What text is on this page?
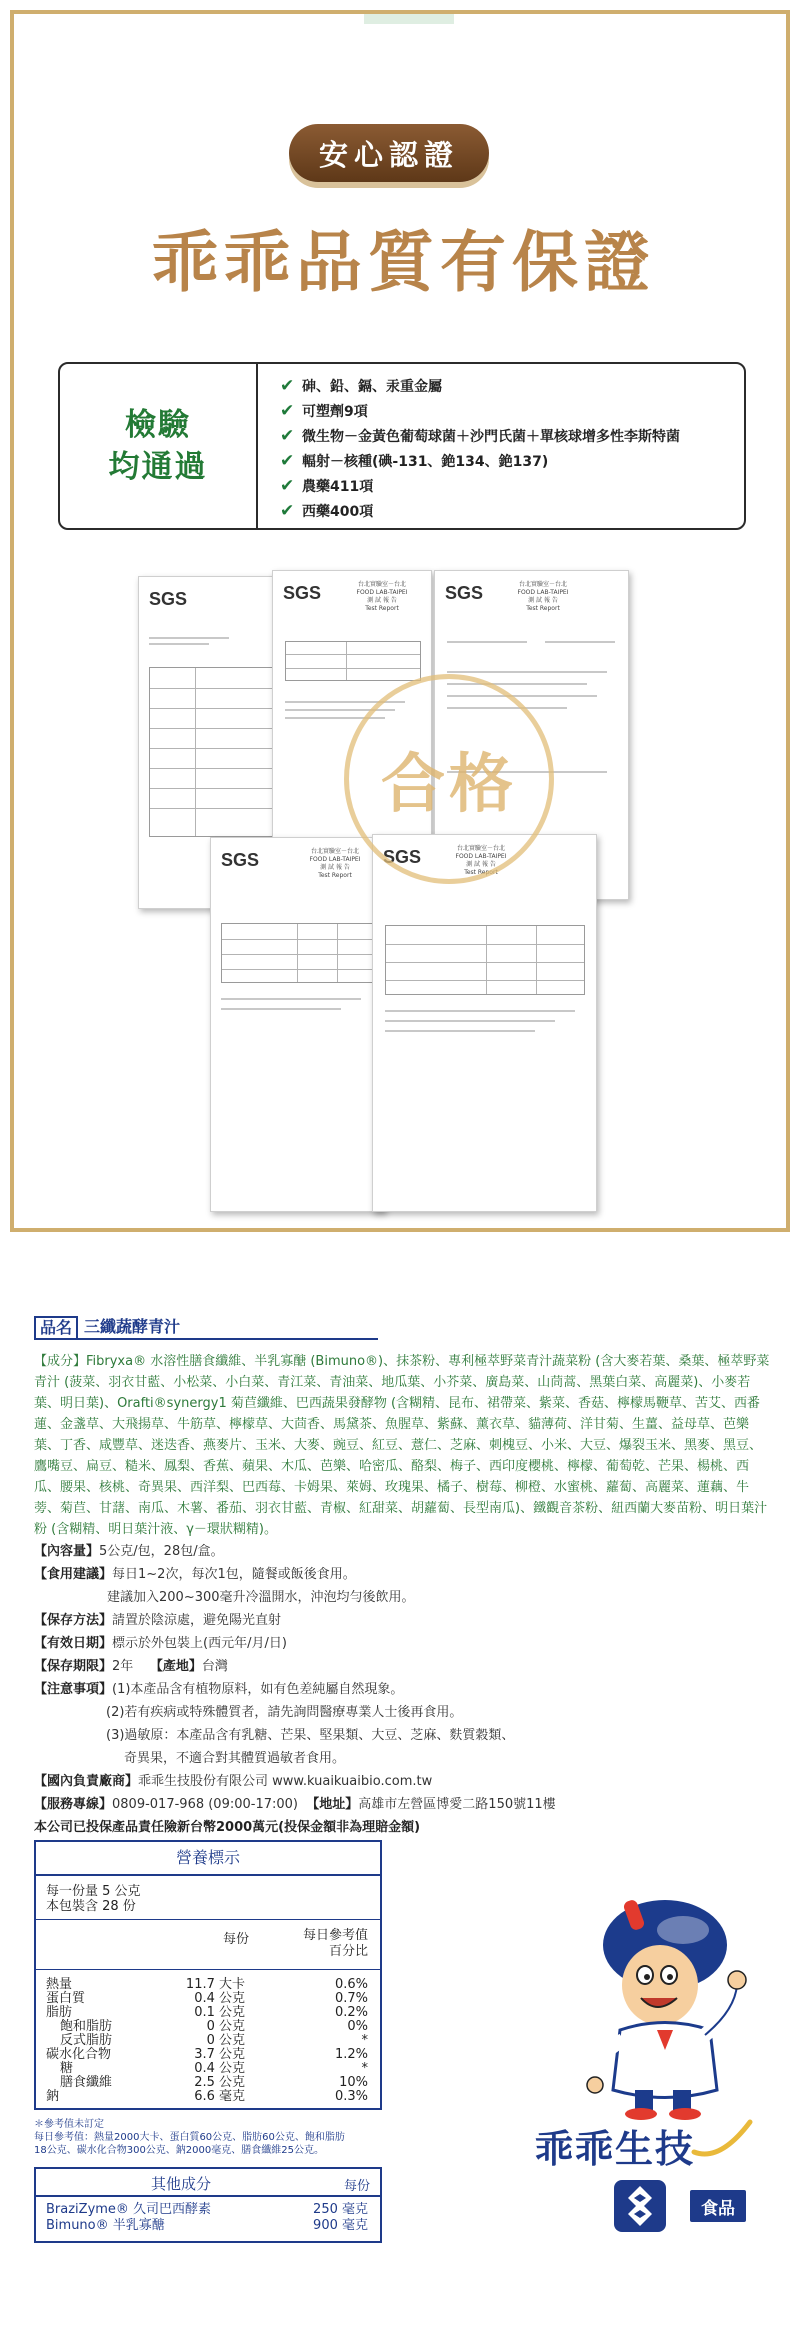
安心認證
乖乖品質有保證
檢驗
均通過
✔ 砷、鉛、鎘、汞重金屬
✔ 可塑劑9項
✔ 微生物－金黃色葡萄球菌＋沙門氏菌＋單核球增多性李斯特菌
✔ 輻射－核種(碘-131、銫134、銫137)
✔ 農藥411項
✔ 西藥400項
SGS	SGS	台北實驗室－台北
FOOD LAB-TAIPEI
測 試 報 告
Test Report
SGS	台北實驗室－台北
FOOD LAB-TAIPEI
測 試 報 告
Test Report
SGS	台北實驗室－台北
FOOD LAB-TAIPEI
測 試 報 告
Test Report
SGS	台北實驗室－台北
FOOD LAB-TAIPEI
測 試 報 告
Test Report
合格
品名 三纖蔬酵青汁

【成分】Fibryxa® 水溶性膳食纖維、半乳寡醣 (Bimuno®)、抹茶粉、專利極萃野菜青汁蔬菜粉 (含大麥若葉、桑葉、極萃野菜青汁 (菠菜、羽衣甘藍、小松菜、小白菜、青江菜、青油菜、地瓜葉、小芥菜、廣島菜、山茼蒿、黑葉白菜、高麗菜)、小麥若葉、明日葉)、Orafti®synergy1 菊苣纖維、巴西蔬果發酵物 (含糊精、昆布、裙帶菜、紫菜、香菇、檸檬馬鞭草、苦艾、西番蓮、金盞草、大飛揚草、牛筋草、檸檬草、大茴香、馬黛茶、魚腥草、紫蘇、薰衣草、貓薄荷、洋甘菊、生薑、益母草、芭樂葉、丁香、咸豐草、迷迭香、燕麥片、玉米、大麥、豌豆、紅豆、薏仁、芝麻、刺槐豆、小米、大豆、爆裂玉米、黑麥、黑豆、鷹嘴豆、扁豆、糙米、鳳梨、香蕉、蘋果、木瓜、芭樂、哈密瓜、酪梨、梅子、西印度櫻桃、檸檬、葡萄乾、芒果、楊桃、西瓜、腰果、核桃、奇異果、西洋梨、巴西莓、卡姆果、萊姆、玫瑰果、橘子、樹莓、柳橙、水蜜桃、蘿蔔、高麗菜、蓮藕、牛蒡、菊苣、甘藷、南瓜、木薯、番茄、羽衣甘藍、青椒、紅甜菜、胡蘿蔔、長型南瓜)、鐵觀音茶粉、紐西蘭大麥苗粉、明日葉汁粉 (含糊精、明日葉汁液、γ－環狀糊精)。

【內容量】5公克/包，28包/盒。
【食用建議】每日1~2次，每次1包，隨餐或飯後食用。
建議加入200~300毫升冷溫開水，沖泡均勻後飲用。
【保存方法】請置於陰涼處，避免陽光直射
【有效日期】標示於外包裝上(西元年/月/日)
【保存期限】2年 【產地】台灣
【注意事項】(1)本產品含有植物原料，如有色差純屬自然現象。
(2)若有疾病或特殊體質者，請先詢問醫療專業人士後再食用。
(3)過敏原：本產品含有乳糖、芒果、堅果類、大豆、芝麻、麩質穀類、
奇異果，不適合對其體質過敏者食用。
【國內負責廠商】乖乖生技股份有限公司 www.kuaikuaibio.com.tw
【服務專線】0809-017-968 (09:00-17:00) 【地址】高雄市左營區博愛二路150號11樓
本公司已投保產品責任險新台幣2000萬元(投保金額非為理賠金額)
營養標示
每一份量 5 公克
本包裝含 28 份
每份	每日參考值
百分比
熱量	11.7 大卡	0.6%
蛋白質	0.4 公克	0.7%
脂肪	0.1 公克	0.2%
飽和脂肪	0 公克	0%
反式脂肪	0 公克	*
碳水化合物	3.7 公克	1.2%
糖	0.4 公克	*
膳食纖維	2.5 公克	10%
鈉	6.6 毫克	0.3%
＊參考值未訂定
每日參考值：熱量2000大卡、蛋白質60公克、脂肪60公克、飽和脂肪
18公克、碳水化合物300公克、鈉2000毫克、膳食纖維25公克。
其他成分	每份
BraziZyme® 久司巴西酵素	250 毫克
Bimuno® 半乳寡醣	900 毫克
乖乖生技
食品
